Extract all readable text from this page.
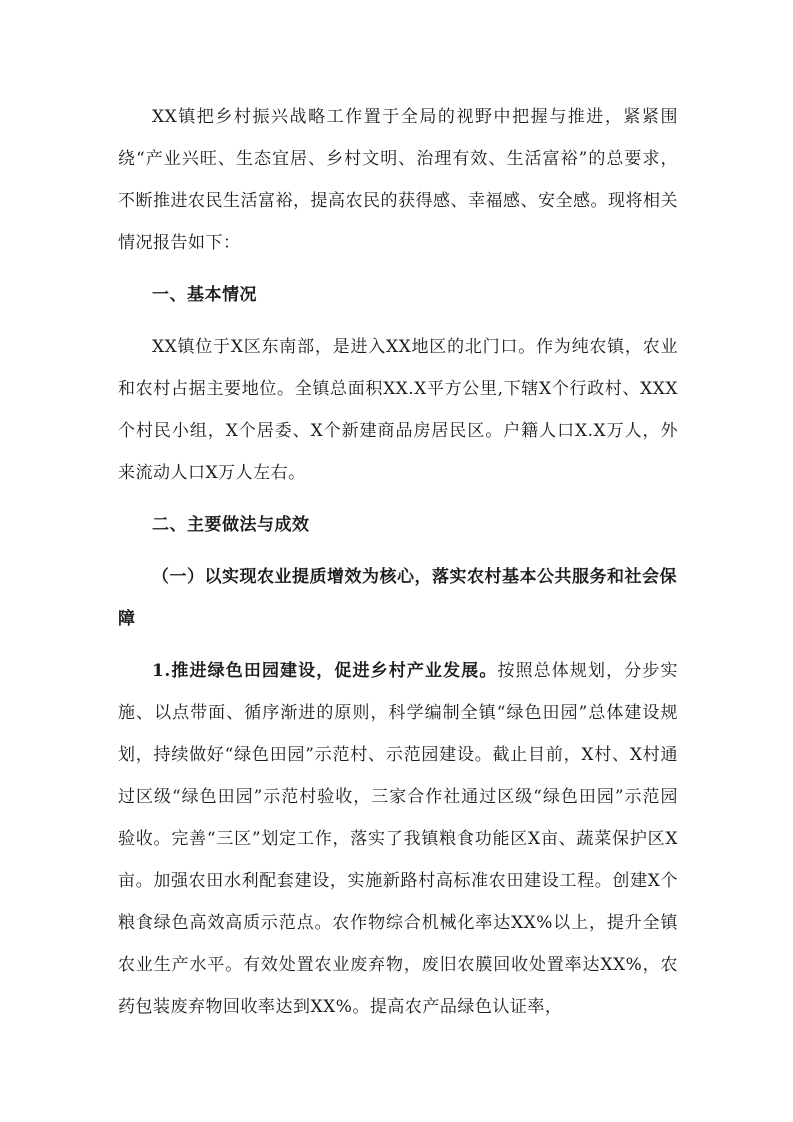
XX镇把乡村振兴战略工作置于全局的视野中把握与推进，紧紧围绕“产业兴旺、生态宜居、乡村文明、治理有效、生活富裕”的总要求，不断推进农民生活富裕，提高农民的获得感、幸福感、安全感。现将相关情况报告如下：

一、基本情况

XX镇位于X区东南部，是进入XX地区的北门口。作为纯农镇，农业和农村占据主要地位。全镇总面积XX.X平方公里,下辖X个行政村、XXX个村民小组，X个居委、X个新建商品房居民区。户籍人口X.X万人，外来流动人口X万人左右。

二、主要做法与成效

（一）以实现农业提质增效为核心，落实农村基本公共服务和社会保障

1.推进绿色田园建设，促进乡村产业发展。按照总体规划，分步实施、以点带面、循序渐进的原则，科学编制全镇“绿色田园”总体建设规划，持续做好“绿色田园”示范村、示范园建设。截止目前，X村、X村通过区级“绿色田园”示范村验收，三家合作社通过区级“绿色田园”示范园验收。完善“三区”划定工作，落实了我镇粮食功能区X亩、蔬菜保护区X亩。加强农田水利配套建设，实施新路村高标准农田建设工程。创建X个粮食绿色高效高质示范点。农作物综合机械化率达XX%以上，提升全镇农业生产水平。有效处置农业废弃物，废旧农膜回收处置率达XX%，农药包装废弃物回收率达到XX%。提高农产品绿色认证率，
